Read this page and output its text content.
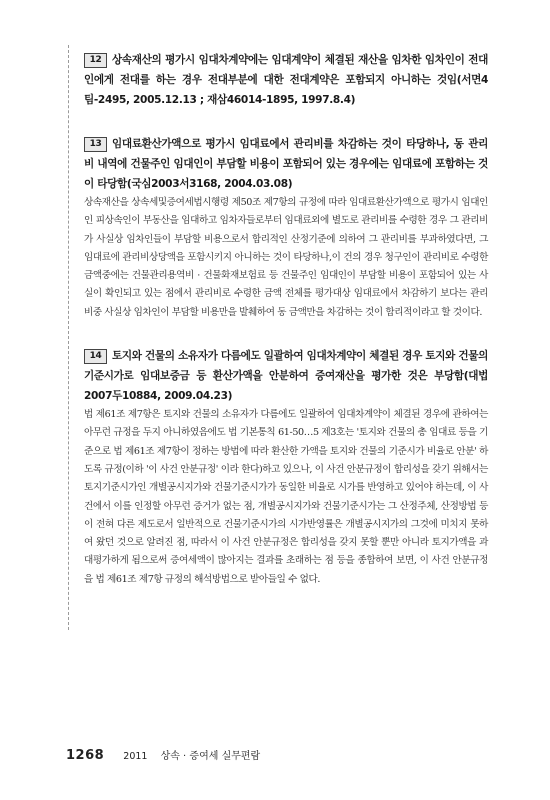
12 상속재산의 평가시 임대차계약에는 임대계약이 체결된 재산을 임차한 임차인이 전대인에게 전대를 하는 경우 전대부분에 대한 전대계약은 포함되지 아니하는 것임(서면4팀-2495, 2005.12.13 ; 재삼46014-1895, 1997.8.4)

13 임대료환산가액으로 평가시 임대료에서 관리비를 차감하는 것이 타당하나, 동 관리비 내역에 건물주인 임대인이 부담할 비용이 포함되어 있는 경우에는 임대료에 포함하는 것이 타당함(국심2003서3168, 2004.03.08)

상속재산을 상속세및증여세법시행령 제50조 제7항의 규정에 따라 임대료환산가액으로 평가시 임대인인 피상속인이 부동산을 임대하고 임차자들로부터 임대료외에 별도로 관리비를 수령한 경우 그 관리비가 사실상 임차인들이 부담할 비용으로서 합리적인 산정기준에 의하여 그 관리비를 부과하였다면, 그 임대료에 관리비상당액을 포함시키지 아니하는 것이 타당하나,이 건의 경우 청구인이 관리비로 수령한 금액중에는 건물관리용역비 · 건물화재보험료 등 건물주인 임대인이 부담할 비용이 포함되어 있는 사실이 확인되고 있는 점에서 관리비로 수령한 금액 전체를 평가대상 임대료에서 차감하기 보다는 관리비중 사실상 임차인이 부담할 비용만을 발췌하여 동 금액만을 차감하는 것이 합리적이라고 할 것이다.

14 토지와 건물의 소유자가 다름에도 일괄하여 임대차계약이 체결된 경우 토지와 건물의 기준시가로 임대보증금 등 환산가액을 안분하여 증여재산을 평가한 것은 부당함(대법2007두10884, 2009.04.23)

법 제61조 제7항은 토지와 건물의 소유자가 다름에도 일괄하여 임대차계약이 체결된 경우에 관하여는 아무런 규정을 두지 아니하였음에도 법 기본통칙 61-50…5 제3호는 '토지와 건물의 총 임대료 등을 기준으로 법 제61조 제7항이 정하는 방법에 따라 환산한 가액을 토지와 건물의 기준시가 비율로 안분' 하도록 규정(이하 '이 사건 안분규정' 이라 한다)하고 있으나, 이 사건 안분규정이 합리성을 갖기 위해서는 토지기준시가인 개별공시지가와 건물기준시가가 동일한 비율로 시가를 반영하고 있어야 하는데, 이 사건에서 이를 인정할 아무런 증거가 없는 점, 개별공시지가와 건물기준시가는 그 산정주체, 산정방법 등이 전혀 다른 제도로서 일반적으로 건물기준시가의 시가반영률은 개별공시지가의 그것에 미치지 못하여 왔던 것으로 알려진 점, 따라서 이 사건 안분규정은 합리성을 갖지 못할 뿐만 아니라 토지가액을 과대평가하게 됨으로써 증여세액이 많아지는 결과를 초래하는 점 등을 종합하여 보면, 이 사건 안분규정을 법 제61조 제7항 규정의 해석방법으로 받아들일 수 없다.

1268 2011 상속 · 증여세 실무편람
